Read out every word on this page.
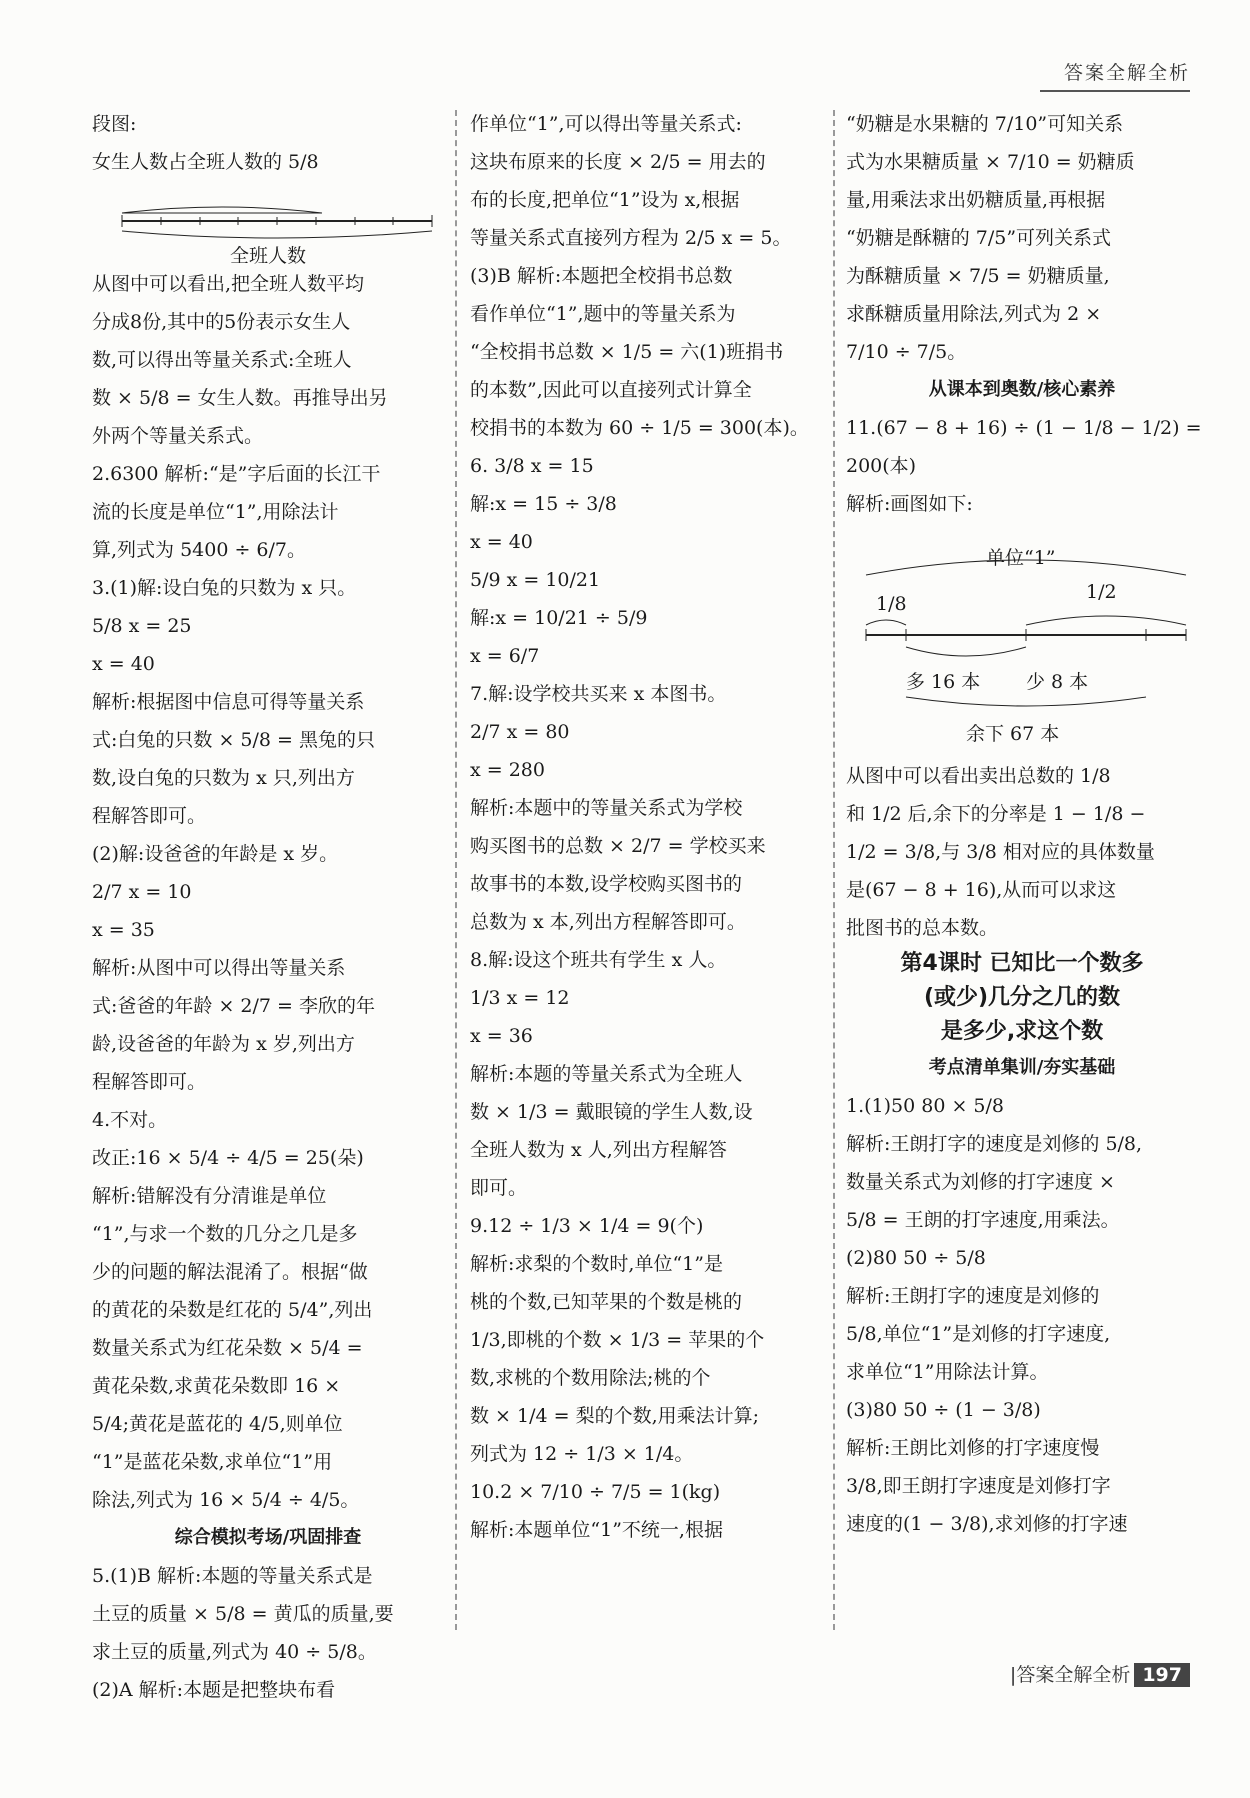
答案全解全析
段图:
女生人数占全班人数的 5/8
全班人数
从图中可以看出,把全班人数平均
分成8份,其中的5份表示女生人
数,可以得出等量关系式:全班人
数 × 5/8 = 女生人数。再推导出另
外两个等量关系式。
2.6300 解析:“是”字后面的长江干
流的长度是单位“1”,用除法计
算,列式为 5400 ÷ 6/7。
3.(1)解:设白兔的只数为 x 只。
5/8 x = 25
x = 40
解析:根据图中信息可得等量关系
式:白兔的只数 × 5/8 = 黑兔的只
数,设白兔的只数为 x 只,列出方
程解答即可。
(2)解:设爸爸的年龄是 x 岁。
2/7 x = 10
x = 35
解析:从图中可以得出等量关系
式:爸爸的年龄 × 2/7 = 李欣的年
龄,设爸爸的年龄为 x 岁,列出方
程解答即可。
4.不对。
改正:16 × 5/4 ÷ 4/5 = 25(朵)
解析:错解没有分清谁是单位
“1”,与求一个数的几分之几是多
少的问题的解法混淆了。根据“做
的黄花的朵数是红花的 5/4”,列出
数量关系式为红花朵数 × 5/4 =
黄花朵数,求黄花朵数即 16 ×
5/4;黄花是蓝花的 4/5,则单位
“1”是蓝花朵数,求单位“1”用
除法,列式为 16 × 5/4 ÷ 4/5。
综合模拟考场/巩固排查
5.(1)B 解析:本题的等量关系式是
土豆的质量 × 5/8 = 黄瓜的质量,要
求土豆的质量,列式为 40 ÷ 5/8。
(2)A 解析:本题是把整块布看
作单位“1”,可以得出等量关系式:
这块布原来的长度 × 2/5 = 用去的
布的长度,把单位“1”设为 x,根据
等量关系式直接列方程为 2/5 x = 5。
(3)B 解析:本题把全校捐书总数
看作单位“1”,题中的等量关系为
“全校捐书总数 × 1/5 = 六(1)班捐书
的本数”,因此可以直接列式计算全
校捐书的本数为 60 ÷ 1/5 = 300(本)。
6. 3/8 x = 15
解:x = 15 ÷ 3/8
x = 40
5/9 x = 10/21
解:x = 10/21 ÷ 5/9
x = 6/7
7.解:设学校共买来 x 本图书。
2/7 x = 80
x = 280
解析:本题中的等量关系式为学校
购买图书的总数 × 2/7 = 学校买来
故事书的本数,设学校购买图书的
总数为 x 本,列出方程解答即可。
8.解:设这个班共有学生 x 人。
1/3 x = 12
x = 36
解析:本题的等量关系式为全班人
数 × 1/3 = 戴眼镜的学生人数,设
全班人数为 x 人,列出方程解答
即可。
9.12 ÷ 1/3 × 1/4 = 9(个)
解析:求梨的个数时,单位“1”是
桃的个数,已知苹果的个数是桃的
1/3,即桃的个数 × 1/3 = 苹果的个
数,求桃的个数用除法;桃的个
数 × 1/4 = 梨的个数,用乘法计算;
列式为 12 ÷ 1/3 × 1/4。
10.2 × 7/10 ÷ 7/5 = 1(kg)
解析:本题单位“1”不统一,根据
“奶糖是水果糖的 7/10”可知关系
式为水果糖质量 × 7/10 = 奶糖质
量,用乘法求出奶糖质量,再根据
“奶糖是酥糖的 7/5”可列关系式
为酥糖质量 × 7/5 = 奶糖质量,
求酥糖质量用除法,列式为 2 ×
7/10 ÷ 7/5。
从课本到奥数/核心素养
11.(67 − 8 + 16) ÷ (1 − 1/8 − 1/2) =
200(本)
解析:画图如下:
单位“1”
1/8
1/2
多 16 本 少 8 本
余下 67 本
从图中可以看出卖出总数的 1/8
和 1/2 后,余下的分率是 1 − 1/8 −
1/2 = 3/8,与 3/8 相对应的具体数量
是(67 − 8 + 16),从而可以求这
批图书的总本数。
第4课时 已知比一个数多
(或少)几分之几的数
是多少,求这个数
考点清单集训/夯实基础
1.(1)50 80 × 5/8
解析:王朗打字的速度是刘修的 5/8,
数量关系式为刘修的打字速度 ×
5/8 = 王朗的打字速度,用乘法。
(2)80 50 ÷ 5/8
解析:王朗打字的速度是刘修的
5/8,单位“1”是刘修的打字速度,
求单位“1”用除法计算。
(3)80 50 ÷ (1 − 3/8)
解析:王朗比刘修的打字速度慢
3/8,即王朗打字速度是刘修打字
速度的(1 − 3/8),求刘修的打字速
|答案全解全析 197
